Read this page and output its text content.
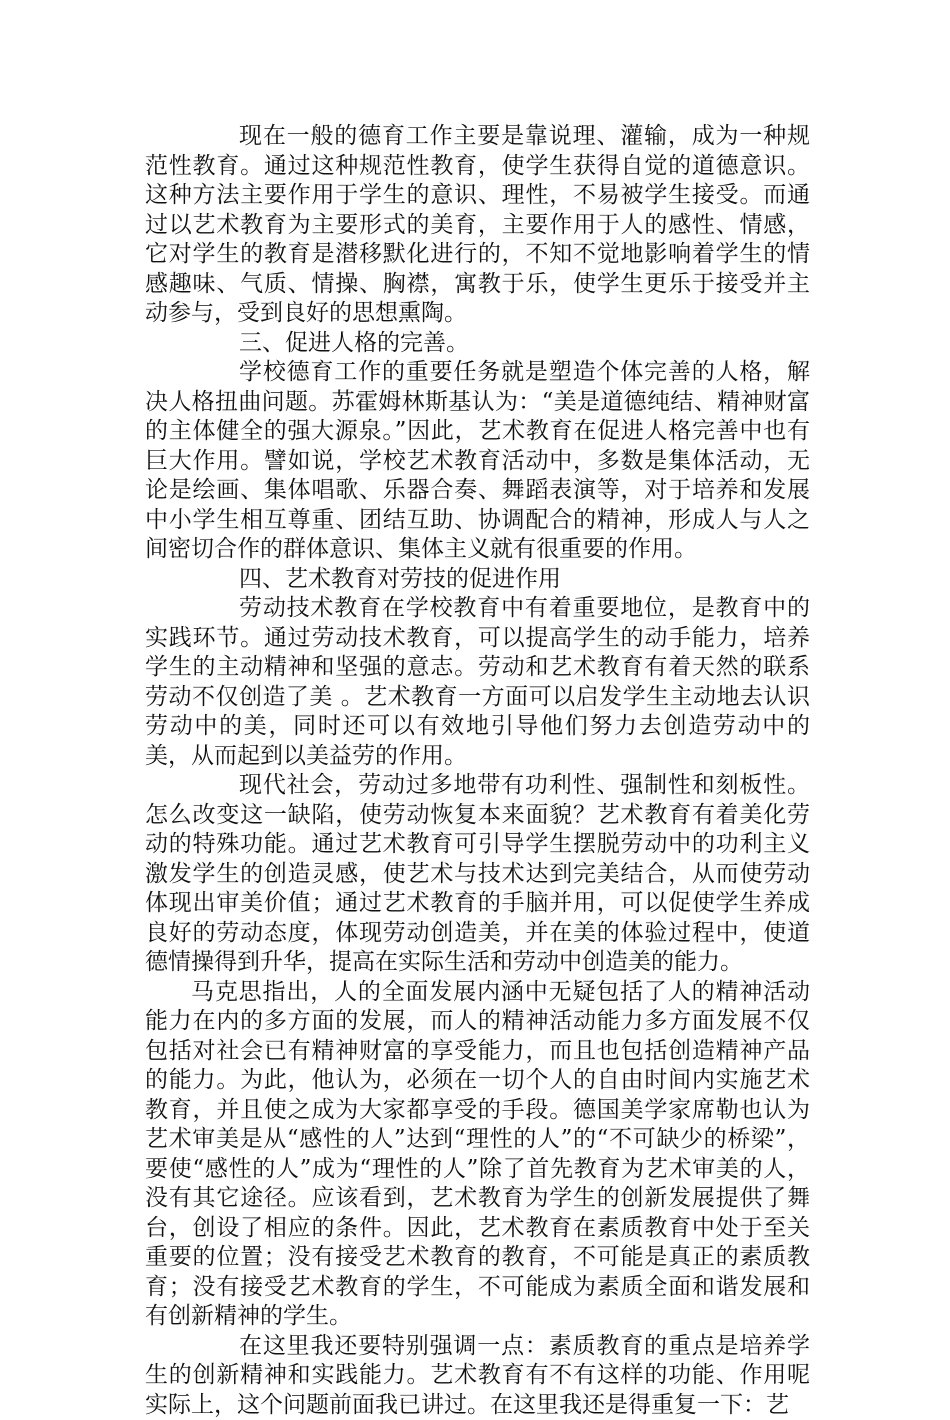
现在一般的德育工作主要是靠说理、灌输，成为一种规范性教育。通过这种规范性教育，使学生获得自觉的道德意识。这种方法主要作用于学生的意识、理性，不易被学生接受。而通过以艺术教育为主要形式的美育，主要作用于人的感性、情感，它对学生的教育是潜移默化进行的，不知不觉地影响着学生的情感趣味、气质、情操、胸襟，寓教于乐，使学生更乐于接受并主动参与，受到良好的思想熏陶。

三、促进人格的完善。

学校德育工作的重要任务就是塑造个体完善的人格，解决人格扭曲问题。苏霍姆林斯基认为：“美是道德纯结、精神财富的主体健全的强大源泉。”因此，艺术教育在促进人格完善中也有巨大作用。譬如说，学校艺术教育活动中，多数是集体活动，无论是绘画、集体唱歌、乐器合奏、舞蹈表演等，对于培养和发展中小学生相互尊重、团结互助、协调配合的精神，形成人与人之间密切合作的群体意识、集体主义就有很重要的作用。

四、艺术教育对劳技的促进作用

劳动技术教育在学校教育中有着重要地位，是教育中的实践环节。通过劳动技术教育，可以提高学生的动手能力，培养学生的主动精神和坚强的意志。劳动和艺术教育有着天然的联系劳动不仅创造了美 。艺术教育一方面可以启发学生主动地去认识劳动中的美，同时还可以有效地引导他们努力去创造劳动中的美，从而起到以美益劳的作用。

现代社会，劳动过多地带有功利性、强制性和刻板性。怎么改变这一缺陷，使劳动恢复本来面貌？艺术教育有着美化劳动的特殊功能。通过艺术教育可引导学生摆脱劳动中的功利主义激发学生的创造灵感，使艺术与技术达到完美结合，从而使劳动体现出审美价值；通过艺术教育的手脑并用，可以促使学生养成良好的劳动态度，体现劳动创造美，并在美的体验过程中，使道德情操得到升华，提高在实际生活和劳动中创造美的能力。

马克思指出，人的全面发展内涵中无疑包括了人的精神活动能力在内的多方面的发展，而人的精神活动能力多方面发展不仅包括对社会已有精神财富的享受能力，而且也包括创造精神产品的能力。为此，他认为，必须在一切个人的自由时间内实施艺术教育，并且使之成为大家都享受的手段。德国美学家席勒也认为艺术审美是从“感性的人”达到“理性的人”的“不可缺少的桥梁”，要使“感性的人”成为“理性的人”除了首先教育为艺术审美的人，没有其它途径。应该看到，艺术教育为学生的创新发展提供了舞台，创设了相应的条件。因此，艺术教育在素质教育中处于至关重要的位置；没有接受艺术教育的教育，不可能是真正的素质教育；没有接受艺术教育的学生，不可能成为素质全面和谐发展和有创新精神的学生。

在这里我还要特别强调一点：素质教育的重点是培养学生的创新精神和实践能力。艺术教育有不有这样的功能、作用呢实际上，这个问题前面我已讲过。在这里我还是得重复一下：艺
